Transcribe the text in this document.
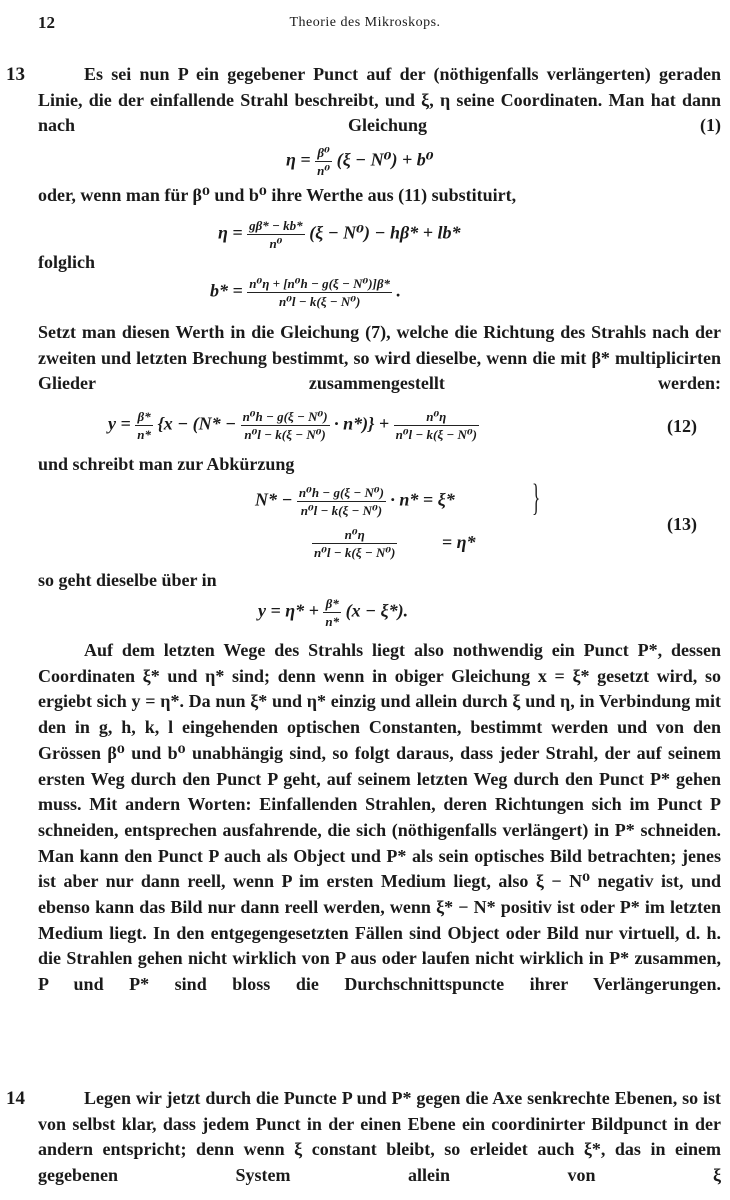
12	Theorie des Mikroskops.
13	Es sei nun P ein gegebener Punct auf der (nöthigenfalls verlängerten) geraden Linie, die der einfallende Strahl beschreibt, und ξ, η seine Coordinaten. Man hat dann nach Gleichung (1)

$\eta = \frac{\text{β⁰}}{\text{n⁰}} (\xi - N^0) + b^0$

oder, wenn man für β⁰ und b⁰ ihre Werthe aus (11) substituirt,

$\eta = \frac{g\beta* - kb*}{\text{n⁰}} (\xi - N^0) - h\beta* + lb*$

folglich

$b* = \frac{\text{n⁰η + [n⁰h − g(ξ − N⁰)]β*}}{\text{n⁰l − k(ξ − N⁰)}}$ .

Setzt man diesen Werth in die Gleichung (7), welche die Richtung des Strahls nach der zweiten und letzten Brechung bestimmt, so wird dieselbe, wenn die mit β* multiplicirten Glieder zusammengestellt werden:

$y = \frac{\beta*}{n*} \{x - (N* - \frac{\text{n⁰h − g(ξ − N⁰)}}{\text{n⁰l − k(ξ − N⁰)}} \cdot n*)\} + \frac{\text{n⁰η}}{\text{n⁰l − k(ξ − N⁰)}}$	(12)

und schreibt man zur Abkürzung

$N* - \frac{\text{n⁰h − g(ξ − N⁰)}}{\text{n⁰l − k(ξ − N⁰)}} \cdot n* = \xi*$
$\frac{\text{n⁰η}}{\text{n⁰l − k(ξ − N⁰)}} = \eta*$
}
(13)

so geht dieselbe über in

$y = \eta* + \frac{\beta*}{n*} (x - \xi*)$.

Auf dem letzten Wege des Strahls liegt also nothwendig ein Punct P*, dessen Coordinaten ξ* und η* sind; denn wenn in obiger Gleichung x = ξ* gesetzt wird, so ergiebt sich y = η*. Da nun ξ* und η* einzig und allein durch ξ und η, in Verbindung mit den in g, h, k, l eingehenden optischen Constanten, bestimmt werden und von den Grössen β⁰ und b⁰ unabhängig sind, so folgt daraus, dass jeder Strahl, der auf seinem ersten Weg durch den Punct P geht, auf seinem letzten Weg durch den Punct P* gehen muss. Mit andern Worten: Einfallenden Strahlen, deren Richtungen sich im Punct P schneiden, entsprechen ausfahrende, die sich (nöthigenfalls verlängert) in P* schneiden. Man kann den Punct P auch als Object und P* als sein optisches Bild betrachten; jenes ist aber nur dann reell, wenn P im ersten Medium liegt, also ξ − N⁰ negativ ist, und ebenso kann das Bild nur dann reell werden, wenn ξ* − N* positiv ist oder P* im letzten Medium liegt. In den entgegengesetzten Fällen sind Object oder Bild nur virtuell, d. h. die Strahlen gehen nicht wirklich von P aus oder laufen nicht wirklich in P* zusammen, P und P* sind bloss die Durchschnittspuncte ihrer Verlängerungen.

14	Legen wir jetzt durch die Puncte P und P* gegen die Axe senkrechte Ebenen, so ist von selbst klar, dass jedem Punct in der einen Ebene ein coordinirter Bildpunct in der andern entspricht; denn wenn ξ constant bleibt, so erleidet auch ξ*, das in einem gegebenen System allein von ξ
